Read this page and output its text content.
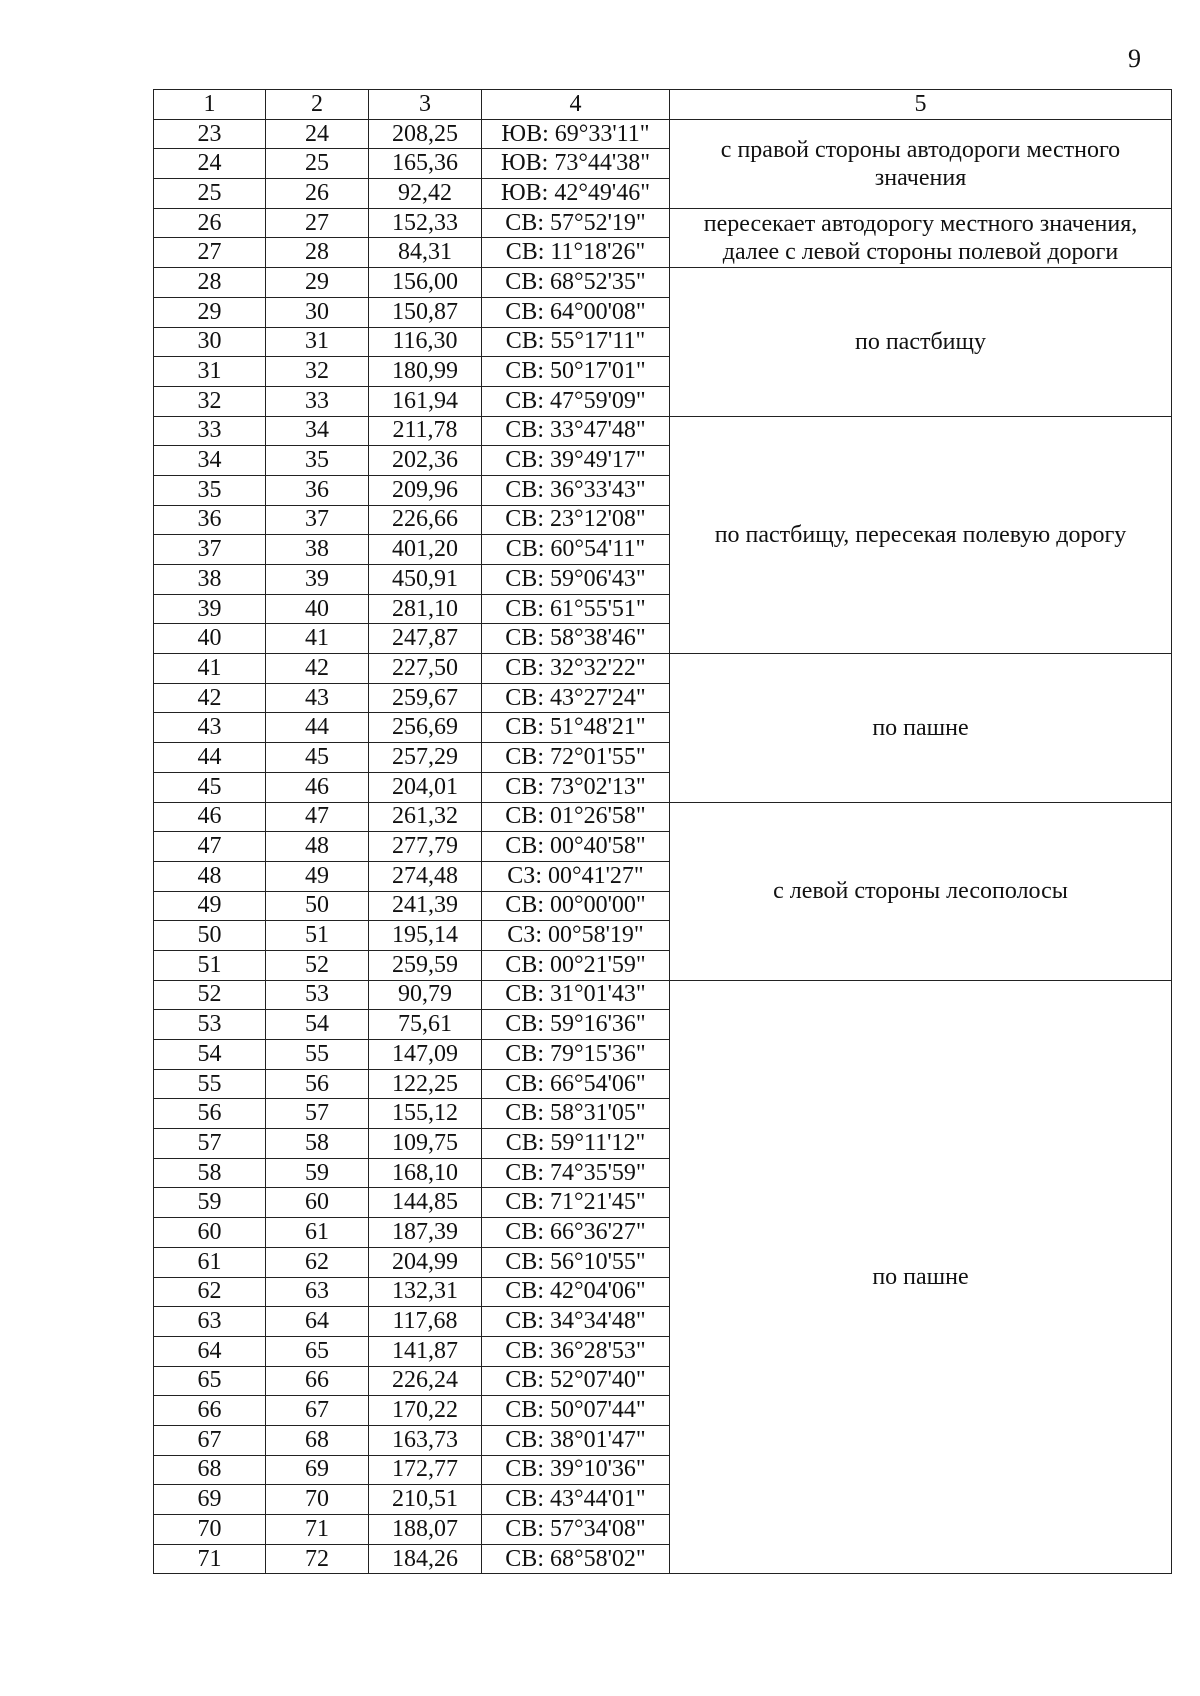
9
1	2	3	4	5
23	24	208,25	ЮВ: 69°33'11"	с правой стороны автодороги местного значения
24	25	165,36	ЮВ: 73°44'38"	
25	26	92,42	ЮВ: 42°49'46"	
26	27	152,33	СВ: 57°52'19"	пересекает автодорогу местного значения, далее с левой стороны полевой дороги
27	28	84,31	СВ: 11°18'26"	
28	29	156,00	СВ: 68°52'35"	по пастбищу
29	30	150,87	СВ: 64°00'08"	
30	31	116,30	СВ: 55°17'11"	
31	32	180,99	СВ: 50°17'01"	
32	33	161,94	СВ: 47°59'09"	
33	34	211,78	СВ: 33°47'48"	по пастбищу, пересекая полевую дорогу
34	35	202,36	СВ: 39°49'17"	
35	36	209,96	СВ: 36°33'43"	
36	37	226,66	СВ: 23°12'08"	
37	38	401,20	СВ: 60°54'11"	
38	39	450,91	СВ: 59°06'43"	
39	40	281,10	СВ: 61°55'51"	
40	41	247,87	СВ: 58°38'46"	
41	42	227,50	СВ: 32°32'22"	по пашне
42	43	259,67	СВ: 43°27'24"	
43	44	256,69	СВ: 51°48'21"	
44	45	257,29	СВ: 72°01'55"	
45	46	204,01	СВ: 73°02'13"	
46	47	261,32	СВ: 01°26'58"	с левой стороны лесополосы
47	48	277,79	СВ: 00°40'58"	
48	49	274,48	СЗ: 00°41'27"	
49	50	241,39	СВ: 00°00'00"	
50	51	195,14	СЗ: 00°58'19"	
51	52	259,59	СВ: 00°21'59"	
52	53	90,79	СВ: 31°01'43"	по пашне
53	54	75,61	СВ: 59°16'36"	
54	55	147,09	СВ: 79°15'36"	
55	56	122,25	СВ: 66°54'06"	
56	57	155,12	СВ: 58°31'05"	
57	58	109,75	СВ: 59°11'12"	
58	59	168,10	СВ: 74°35'59"	
59	60	144,85	СВ: 71°21'45"	
60	61	187,39	СВ: 66°36'27"	
61	62	204,99	СВ: 56°10'55"	
62	63	132,31	СВ: 42°04'06"	
63	64	117,68	СВ: 34°34'48"	
64	65	141,87	СВ: 36°28'53"	
65	66	226,24	СВ: 52°07'40"	
66	67	170,22	СВ: 50°07'44"	
67	68	163,73	СВ: 38°01'47"	
68	69	172,77	СВ: 39°10'36"	
69	70	210,51	СВ: 43°44'01"	
70	71	188,07	СВ: 57°34'08"	
71	72	184,26	СВ: 68°58'02"	
